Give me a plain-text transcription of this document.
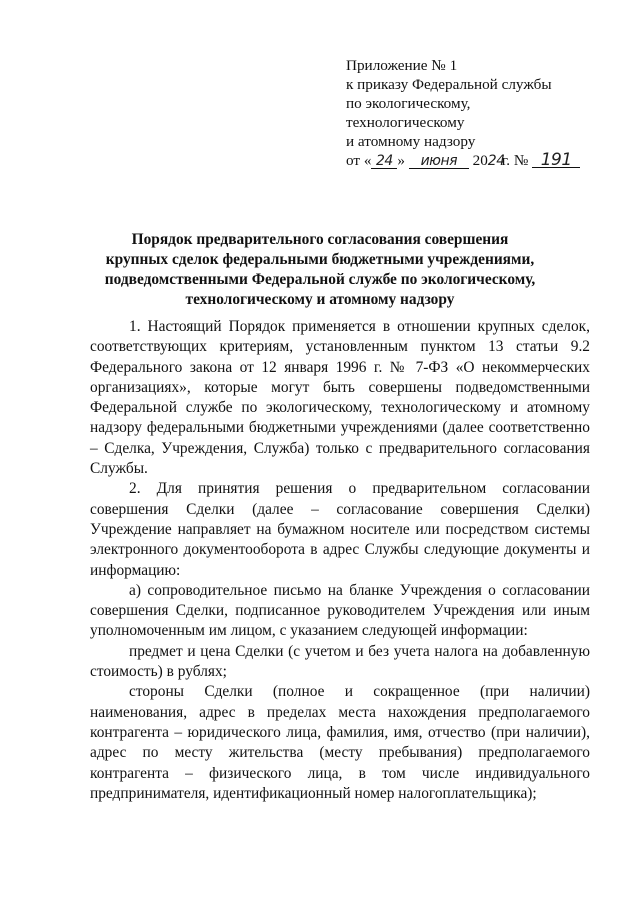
Приложение № 1
к приказу Федеральной службы
по экологическому,
технологическому
и атомному надзору
от « 24 » июня 2024г. № 191
Порядок предварительного согласования совершения
крупных сделок федеральными бюджетными учреждениями,
подведомственными Федеральной службе по экологическому,
технологическому и атомному надзору

1. Настоящий Порядок применяется в отношении крупных сделок, соответствующих критериям, установленным пунктом 13 статьи 9.2 Федерального закона от 12 января 1996 г. № 7-ФЗ «О некоммерческих организациях», которые могут быть совершены подведомственными Федеральной службе по экологическому, технологическому и атомному надзору федеральными бюджетными учреждениями (далее соответственно – Сделка, Учреждения, Служба) только с предварительного согласования Службы.

2. Для принятия решения о предварительном согласовании совершения Сделки (далее – согласование совершения Сделки) Учреждение направляет на бумажном носителе или посредством системы электронного документооборота в адрес Службы следующие документы и информацию:

а) сопроводительное письмо на бланке Учреждения о согласовании совершения Сделки, подписанное руководителем Учреждения или иным уполномоченным им лицом, с указанием следующей информации:

предмет и цена Сделки (с учетом и без учета налога на добавленную стоимость) в рублях;

стороны Сделки (полное и сокращенное (при наличии) наименования, адрес в пределах места нахождения предполагаемого контрагента – юридического лица, фамилия, имя, отчество (при наличии), адрес по месту жительства (месту пребывания) предполагаемого контрагента – физического лица, в том числе индивидуального предпринимателя, идентификационный номер налогоплательщика);
